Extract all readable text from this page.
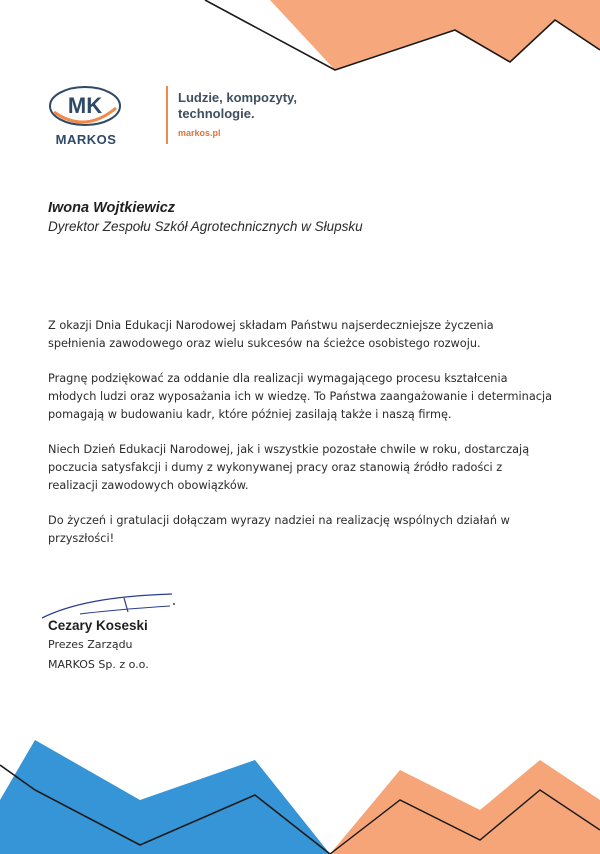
MK
MARKOS
Ludzie, kompozyty,
technologie.
markos.pl
Iwona Wojtkiewicz
Dyrektor Zespołu Szkół Agrotechnicznych w Słupsku

Z okazji Dnia Edukacji Narodowej składam Państwu najserdeczniejsze życzenia spełnienia zawodowego oraz wielu sukcesów na ścieżce osobistego rozwoju.

Pragnę podziękować za oddanie dla realizacji wymagającego procesu kształcenia młodych ludzi oraz wyposażania ich w wiedzę. To Państwa zaangażowanie i determinacja pomagają w budowaniu kadr, które później zasilają także i naszą firmę.

Niech Dzień Edukacji Narodowej, jak i wszystkie pozostałe chwile w roku, dostarczają poczucia satysfakcji i dumy z wykonywanej pracy oraz stanowią źródło radości z realizacji zawodowych obowiązków.

Do życzeń i gratulacji dołączam wyrazy nadziei na realizację wspólnych działań w przyszłości!

Cezary Koseski
Prezes Zarządu
MARKOS Sp. z o.o.
